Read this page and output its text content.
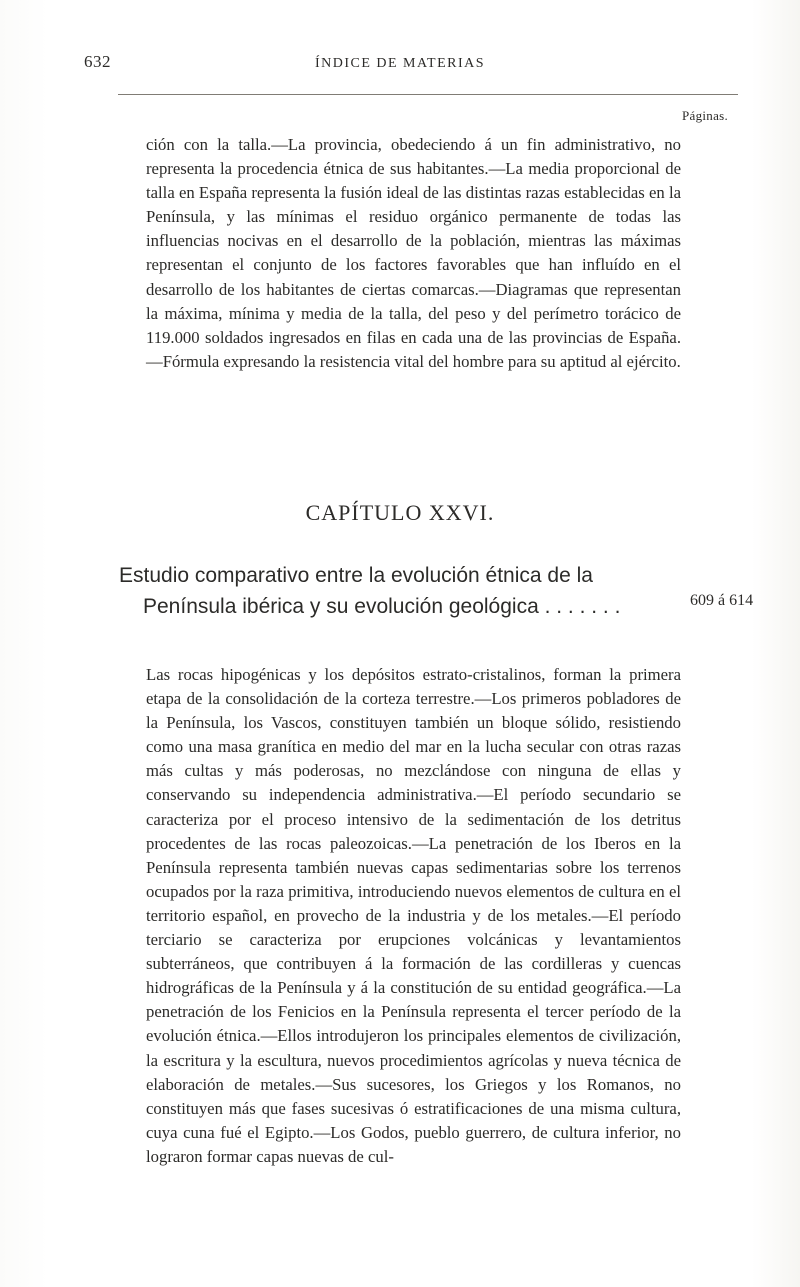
632	ÍNDICE DE MATERIAS
Páginas.

ción con la talla.—La provincia, obedeciendo á un fin administrativo, no representa la procedencia étnica de sus habitantes.—La media proporcional de talla en España representa la fusión ideal de las distintas razas establecidas en la Península, y las mínimas el residuo orgánico permanente de todas las influencias nocivas en el desarrollo de la población, mientras las máximas representan el conjunto de los factores favorables que han influído en el desarrollo de los habitantes de ciertas comarcas.—Diagramas que representan la máxima, mínima y media de la talla, del peso y del perímetro torácico de 119.000 soldados ingresados en filas en cada una de las provincias de España.—Fórmula expresando la resistencia vital del hombre para su aptitud al ejército.

CAPÍTULO XXVI.
Estudio comparativo entre la evolución étnica de la
Península ibérica y su evolución geológica . . . . . . .	609 á 614

Las rocas hipogénicas y los depósitos estrato-cristalinos, forman la primera etapa de la consolidación de la corteza terrestre.—Los primeros pobladores de la Península, los Vascos, constituyen también un bloque sólido, resistiendo como una masa granítica en medio del mar en la lucha secular con otras razas más cultas y más poderosas, no mezclándose con ninguna de ellas y conservando su independencia administrativa.—El período secundario se caracteriza por el proceso intensivo de la sedimentación de los detritus procedentes de las rocas paleozoicas.—La penetración de los Iberos en la Península representa también nuevas capas sedimentarias sobre los terrenos ocupados por la raza primitiva, introduciendo nuevos elementos de cultura en el territorio español, en provecho de la industria y de los metales.—El período terciario se caracteriza por erupciones volcánicas y levantamientos subterráneos, que contribuyen á la formación de las cordilleras y cuencas hidrográficas de la Península y á la constitución de su entidad geográfica.—La penetración de los Fenicios en la Península representa el tercer período de la evolución étnica.—Ellos introdujeron los principales elementos de civilización, la escritura y la escultura, nuevos procedimientos agrícolas y nueva técnica de elaboración de metales.—Sus sucesores, los Griegos y los Romanos, no constituyen más que fases sucesivas ó estratificaciones de una misma cultura, cuya cuna fué el Egipto.—Los Godos, pueblo guerrero, de cultura inferior, no lograron formar capas nuevas de cul-
